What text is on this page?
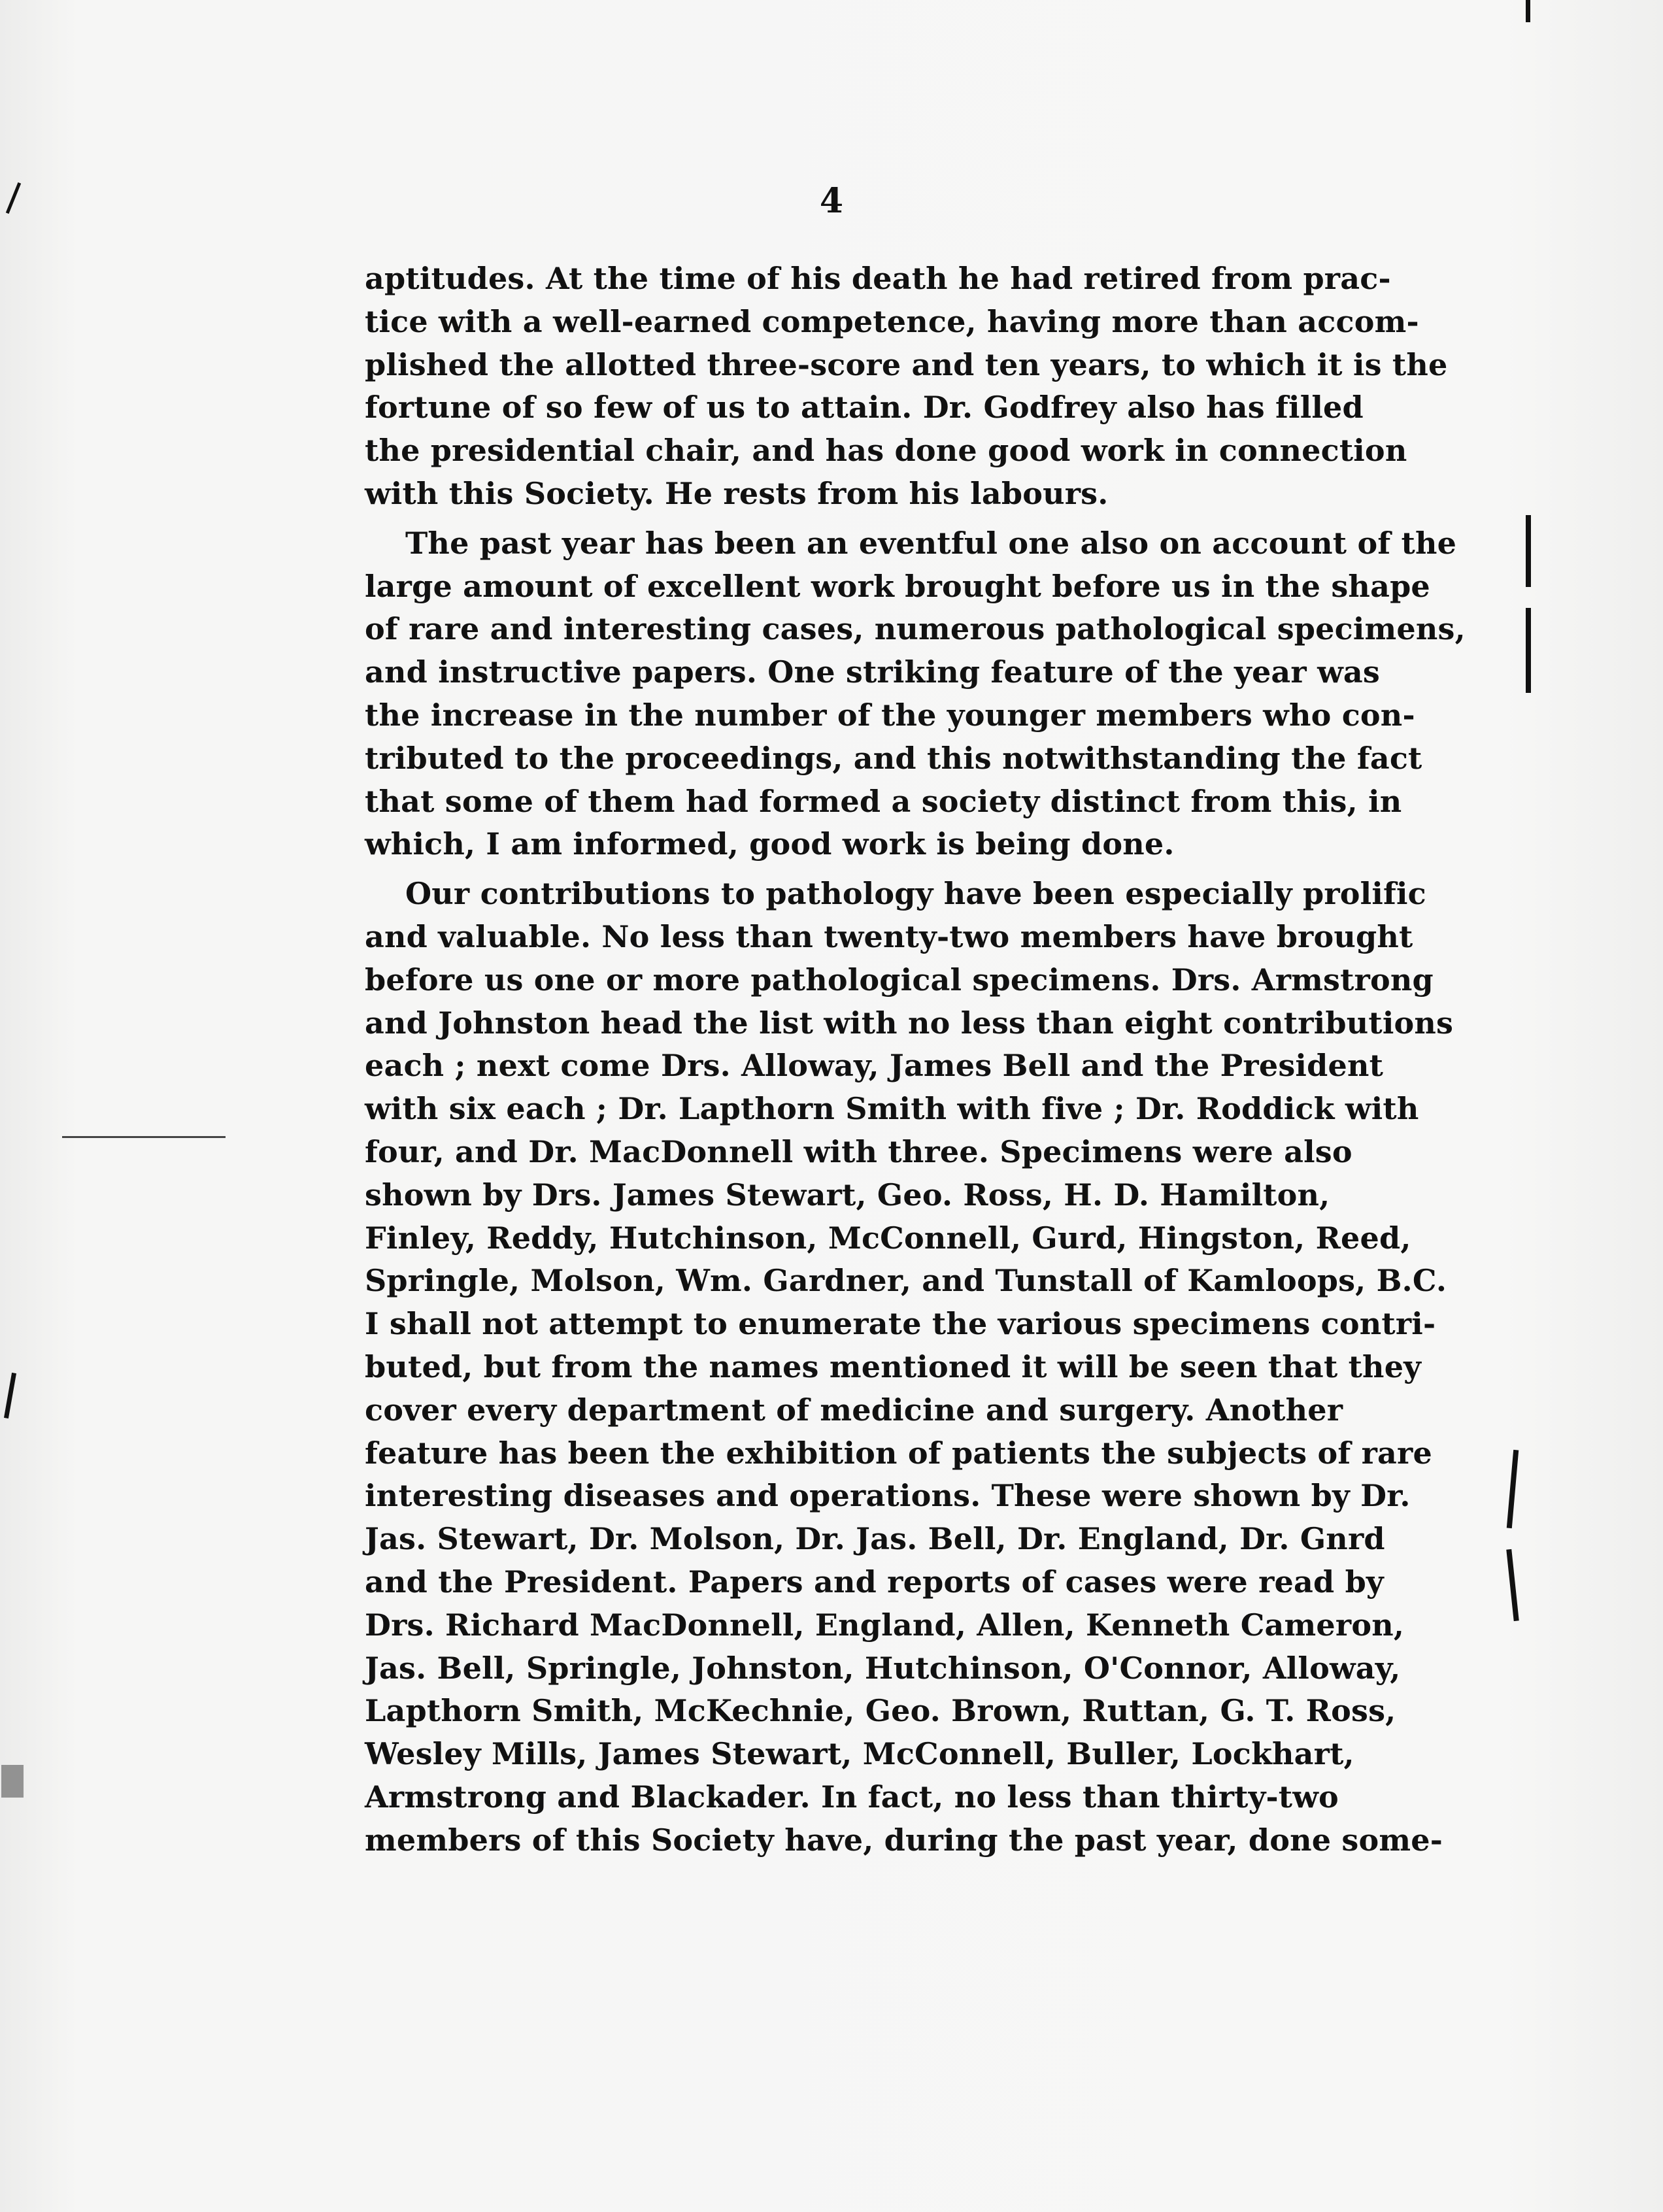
4
aptitudes. At the time of his death he had retired from prac-
tice with a well-earned competence, having more than accom-
plished the allotted three-score and ten years, to which it is the
fortune of so few of us to attain. Dr. Godfrey also has filled
the presidential chair, and has done good work in connection
with this Society. He rests from his labours.
The past year has been an eventful one also on account of the
large amount of excellent work brought before us in the shape
of rare and interesting cases, numerous pathological specimens,
and instructive papers. One striking feature of the year was
the increase in the number of the younger members who con-
tributed to the proceedings, and this notwithstanding the fact
that some of them had formed a society distinct from this, in
which, I am informed, good work is being done.
Our contributions to pathology have been especially prolific
and valuable. No less than twenty-two members have brought
before us one or more pathological specimens. Drs. Armstrong
and Johnston head the list with no less than eight contributions
each ; next come Drs. Alloway, James Bell and the President
with six each ; Dr. Lapthorn Smith with five ; Dr. Roddick with
four, and Dr. MacDonnell with three. Specimens were also
shown by Drs. James Stewart, Geo. Ross, H. D. Hamilton,
Finley, Reddy, Hutchinson, McConnell, Gurd, Hingston, Reed,
Springle, Molson, Wm. Gardner, and Tunstall of Kamloops, B.C.
I shall not attempt to enumerate the various specimens contri-
buted, but from the names mentioned it will be seen that they
cover every department of medicine and surgery. Another
feature has been the exhibition of patients the subjects of rare
interesting diseases and operations. These were shown by Dr.
Jas. Stewart, Dr. Molson, Dr. Jas. Bell, Dr. England, Dr. Gnrd
and the President. Papers and reports of cases were read by
Drs. Richard MacDonnell, England, Allen, Kenneth Cameron,
Jas. Bell, Springle, Johnston, Hutchinson, O'Connor, Alloway,
Lapthorn Smith, McKechnie, Geo. Brown, Ruttan, G. T. Ross,
Wesley Mills, James Stewart, McConnell, Buller, Lockhart,
Armstrong and Blackader. In fact, no less than thirty-two
members of this Society have, during the past year, done some-
